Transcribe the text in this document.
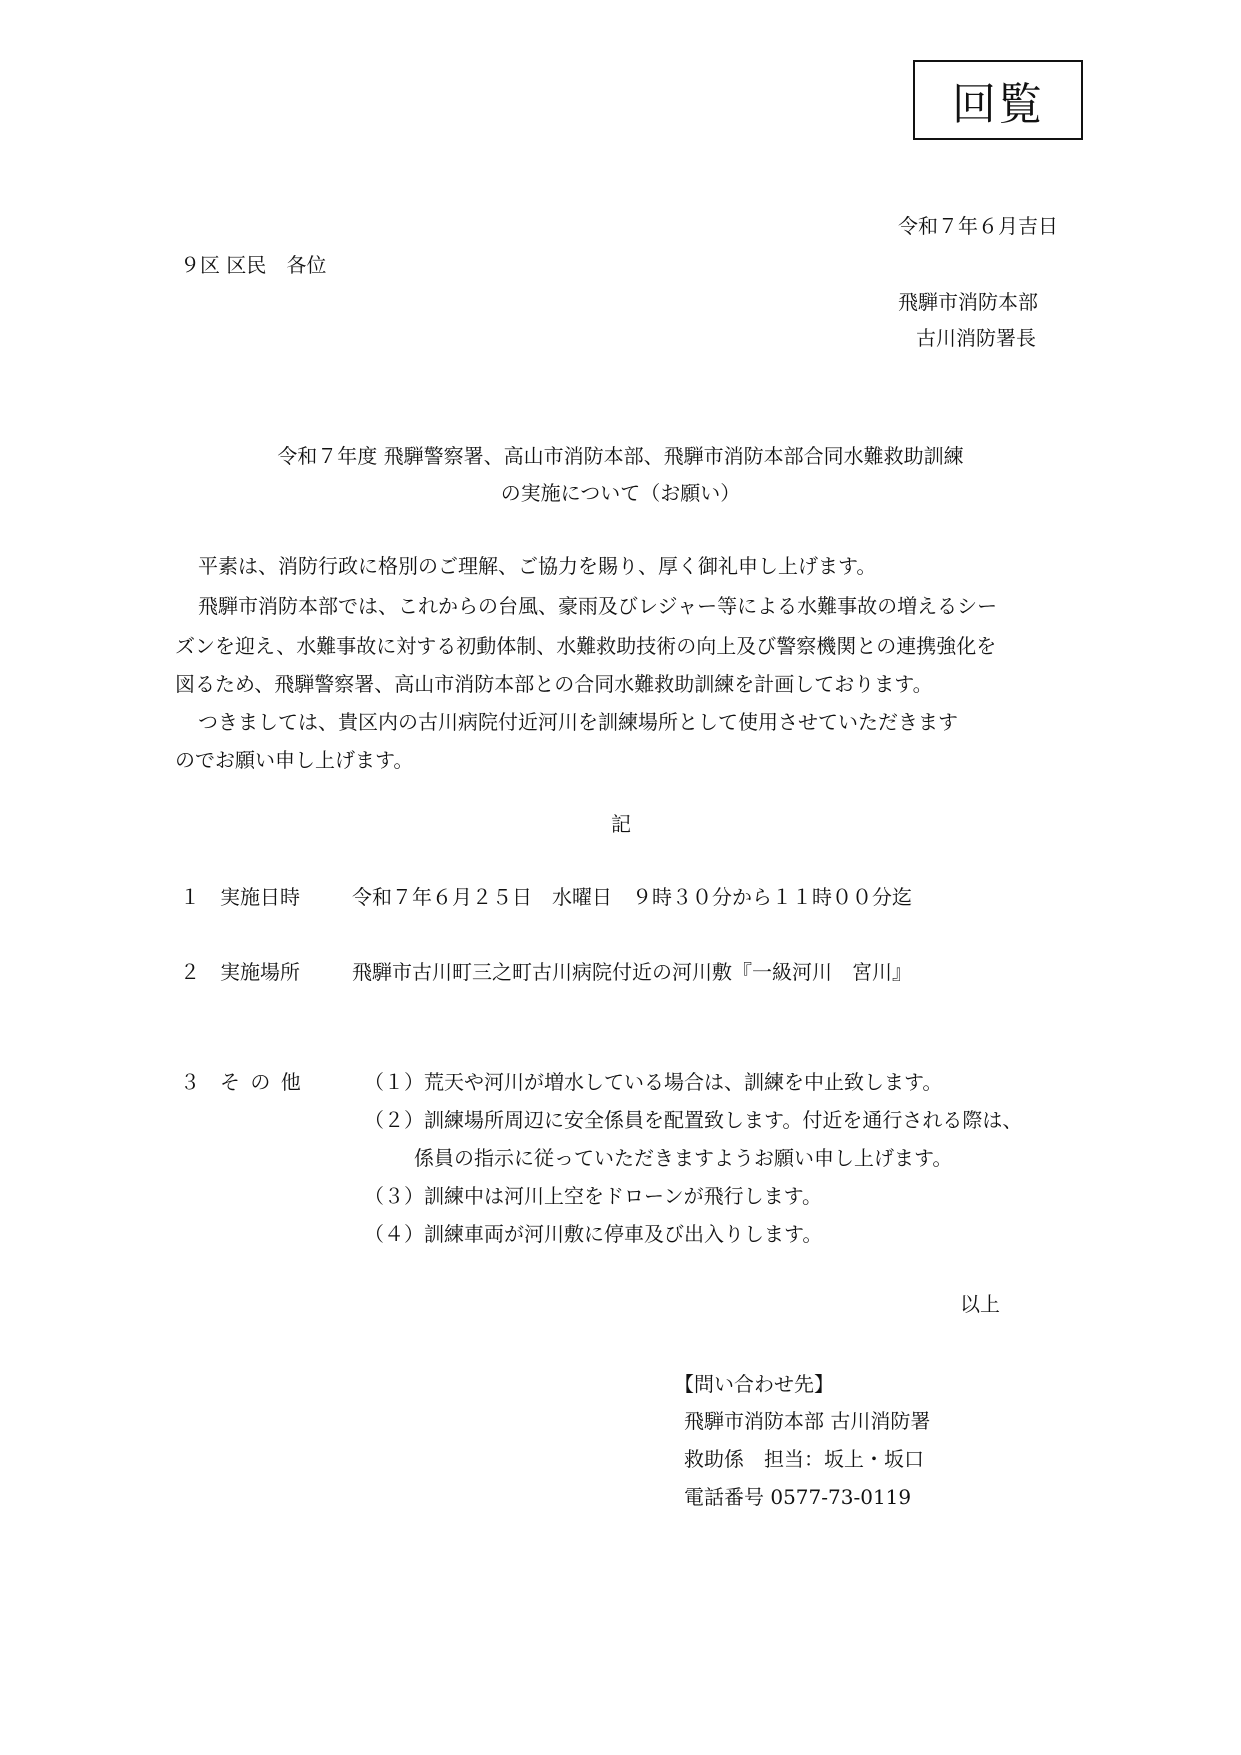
回覧
令和７年６月吉日
９区 区民　各位
飛騨市消防本部
古川消防署長
令和７年度 飛騨警察署、高山市消防本部、飛騨市消防本部合同水難救助訓練
の実施について（お願い）
平素は、消防行政に格別のご理解、ご協力を賜り、厚く御礼申し上げます。
飛騨市消防本部では、これからの台風、豪雨及びレジャー等による水難事故の増えるシー
ズンを迎え、水難事故に対する初動体制、水難救助技術の向上及び警察機関との連携強化を
図るため、飛騨警察署、高山市消防本部との合同水難救助訓練を計画しております。
つきましては、貴区内の古川病院付近河川を訓練場所として使用させていただきます
のでお願い申し上げます。
記
１ 実施日時	令和７年６月２５日　水曜日　９時３０分から１１時００分迄
２ 実施場所	飛騨市古川町三之町古川病院付近の河川敷『一級河川　宮川』
３ そ の 他	（１）荒天や河川が増水している場合は、訓練を中止致します。
（２）訓練場所周辺に安全係員を配置致します。付近を通行される際は、
係員の指示に従っていただきますようお願い申し上げます。
（３）訓練中は河川上空をドローンが飛行します。
（４）訓練車両が河川敷に停車及び出入りします。
以上
【問い合わせ先】
飛騨市消防本部 古川消防署
救助係　担当：坂上・坂口
電話番号 0577-73-0119
